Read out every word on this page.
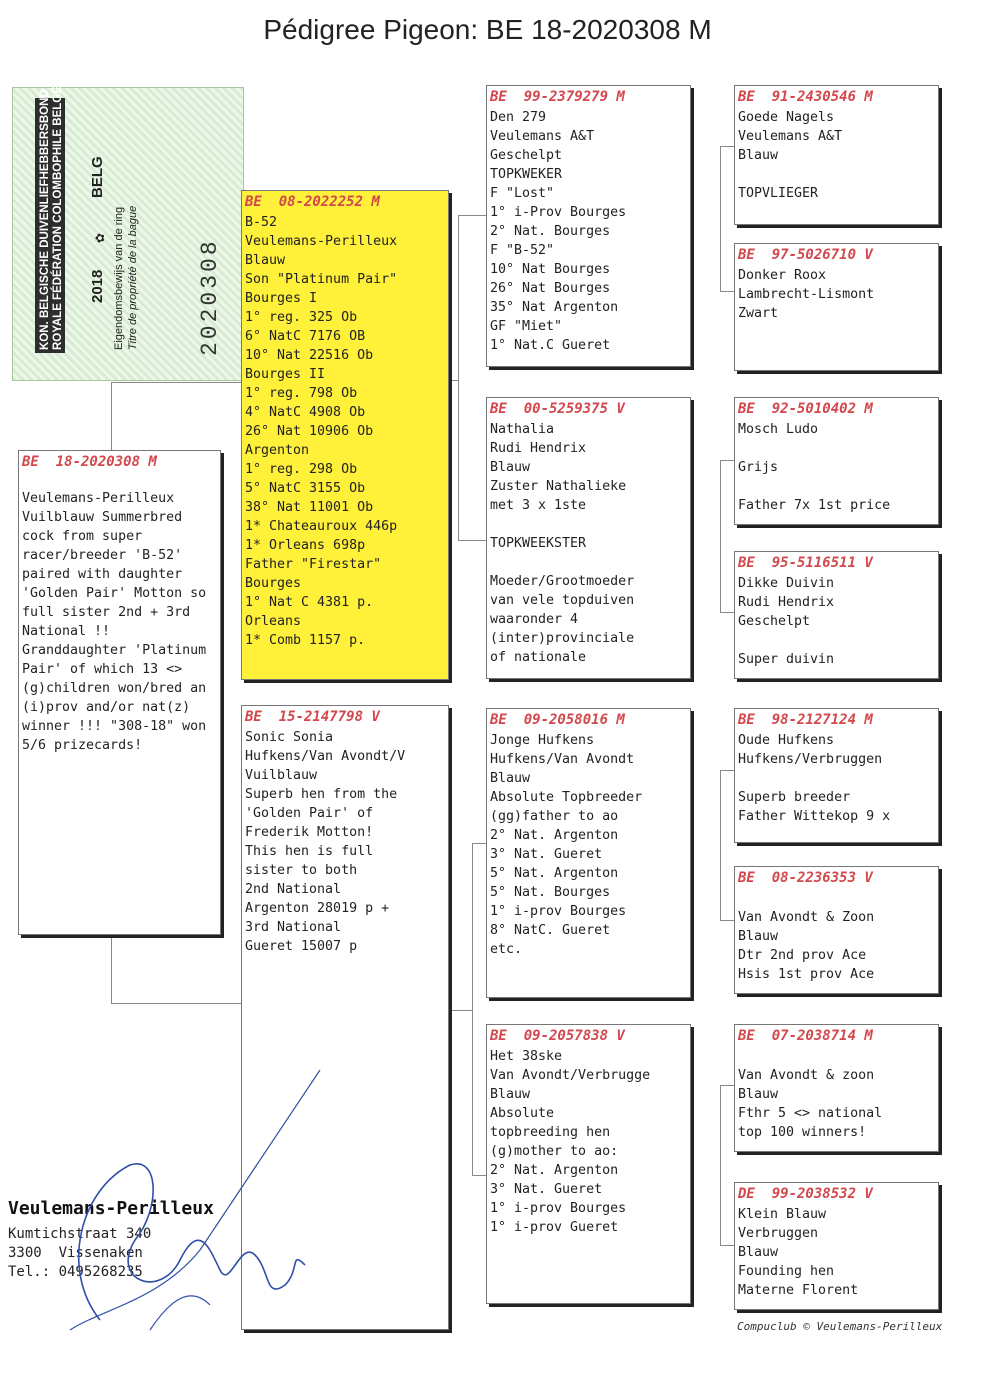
Pédigree Pigeon: BE 18-2020308 M
KON. BELGISCHE DUIVENLIEFHEBBERSBOND ROYALE FÉDÉRATION COLOMBOPHILE BELGE 2018
✿
BELG
Eigendomsbewijs van de ring Titre de propriété de la bague	2020308
BE  18-2020308 M
Veulemans-Perilleux Vuilblauw Summerbred cock from super racer/breeder 'B-52' paired with daughter 'Golden Pair' Motton so full sister 2nd + 3rd National !! Granddaughter 'Platinum Pair' of which 13 <> (g)children won/bred an (i)prov and/or nat(z) winner !!! "308-18" won 5/6 prizecards!
BE  08-2022252 M
B-52
Veulemans-Perilleux
Blauw
Son "Platinum Pair"
Bourges I
1° reg. 325 Ob
6° NatC 7176 OB
10° Nat 22516 Ob
Bourges II
1° reg. 798 Ob
4° NatC 4908 Ob
26° Nat 10906 Ob
Argenton
1° reg. 298 Ob
5° NatC 3155 Ob
38° Nat 11001 Ob
1* Chateauroux 446p
1* Orleans 698p
Father "Firestar"
Bourges
1° Nat C 4381 p.
Orleans
1* Comb 1157 p.
BE  15-2147798 V
Sonic Sonia
Hufkens/Van Avondt/V
Vuilblauw
Superb hen from the
'Golden Pair' of
Frederik Motton!
This hen is full
sister to both
2nd National
Argenton 28019 p +
3rd National
Gueret 15007 p
BE  99-2379279 M
Den 279
Veulemans A&T
Geschelpt
TOPKWEKER
F "Lost"
1° i-Prov Bourges
2° Nat. Bourges
F "B-52"
10° Nat Bourges
26° Nat Bourges
35° Nat Argenton
GF "Miet"
1° Nat.C Gueret
BE  00-5259375 V
Nathalia
Rudi Hendrix
Blauw
Zuster Nathalieke
met 3 x 1ste
TOPKWEEKSTER
Moeder/Grootmoeder
van vele topduiven
waaronder 4
(inter)provinciale
of nationale
BE  09-2058016 M
Jonge Hufkens
Hufkens/Van Avondt
Blauw
Absolute Topbreeder
(gg)father to ao
2° Nat. Argenton
3° Nat. Gueret
5° Nat. Argenton
5° Nat. Bourges
1° i-prov Bourges
8° NatC. Gueret
etc.
BE  09-2057838 V
Het 38ske
Van Avondt/Verbrugge
Blauw
Absolute
topbreeding hen
(g)mother to ao:
2° Nat. Argenton
3° Nat. Gueret
1° i-prov Bourges
1° i-prov Gueret
BE  91-2430546 M
Goede Nagels
Veulemans A&T
Blauw
TOPVLIEGER
BE  97-5026710 V
Donker Roox
Lambrecht-Lismont
Zwart
BE  92-5010402 M
Mosch Ludo
Grijs
Father 7x 1st price
BE  95-5116511 V
Dikke Duivin
Rudi Hendrix
Geschelpt
Super duivin
BE  98-2127124 M
Oude Hufkens
Hufkens/Verbruggen
Superb breeder
Father Wittekop 9 x
BE  08-2236353 V
Van Avondt & Zoon
Blauw
Dtr 2nd prov Ace
Hsis 1st prov Ace
BE  07-2038714 M
Van Avondt & zoon
Blauw
Fthr 5 <> national
top 100 winners!
DE  99-2038532 V
Klein Blauw
Verbruggen
Blauw
Founding hen
Materne Florent
Veulemans-Perilleux
Kumtichstraat 340
3300  Vissenaken
Tel.: 0495268235
Compuclub © Veulemans-Perilleux
